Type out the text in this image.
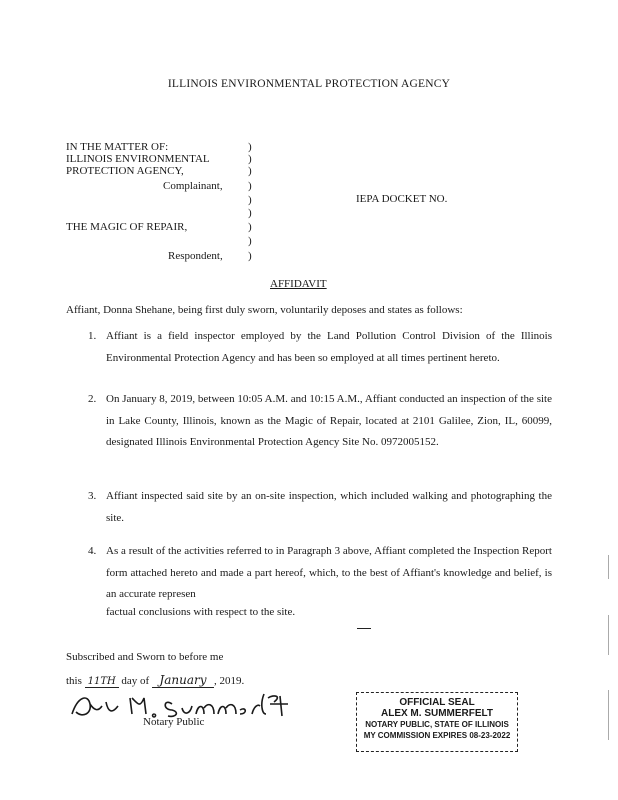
ILLINOIS ENVIRONMENTAL PROTECTION AGENCY
IN THE MATTER OF:
ILLINOIS ENVIRONMENTAL
PROTECTION AGENCY,
Complainant,
THE MAGIC OF REPAIR,
Respondent,
)
)
)
)
)
)
)
)
)
IEPA DOCKET NO.
AFFIDAVIT
Affiant, Donna Shehane, being first duly sworn, voluntarily deposes and states as follows:
1. Affiant is a field inspector employed by the Land Pollution Control Division of the Illinois Environmental Protection Agency and has been so employed at all times pertinent hereto.
2. On January 8, 2019, between 10:05 A.M. and 10:15 A.M., Affiant conducted an inspection of the site in Lake County, Illinois, known as the Magic of Repair, located at 2101 Galilee, Zion, IL, 60099, designated Illinois Environmental Protection Agency Site No. 0972005152.
3. Affiant inspected said site by an on-site inspection, which included walking and photographing the site.
4. As a result of the activities referred to in Paragraph 3 above, Affiant completed the Inspection Report form attached hereto and made a part hereof, which, to the best of Affiant's knowledge and belief, is an accurate represen
factual conclusions with respect to the site.
Subscribed and Sworn to before me
this 11TH day of January , 2019.
Notary Public
OFFICIAL SEAL
ALEX M. SUMMERFELT
NOTARY PUBLIC, STATE OF ILLINOIS
MY COMMISSION EXPIRES 08-23-2022
